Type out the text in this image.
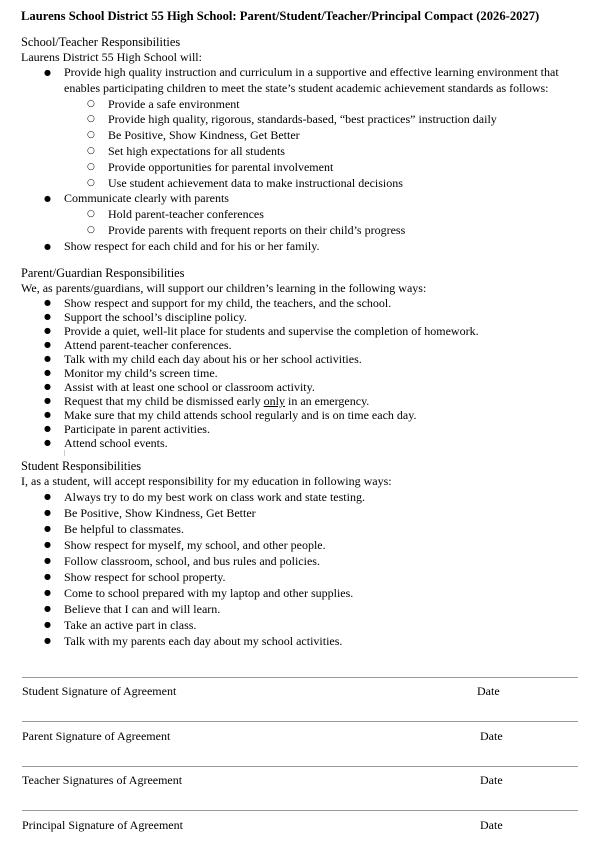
Laurens School District 55 High School: Parent/Student/Teacher/Principal Compact (2026-2027)
School/Teacher Responsibilities
Laurens District 55 High School will:
● Provide high quality instruction and curriculum in a supportive and effective learning environment that enables participating children to meet the state’s student academic achievement standards as follows:
○ Provide a safe environment
○ Provide high quality, rigorous, standards-based, “best practices” instruction daily
○ Be Positive, Show Kindness, Get Better
○ Set high expectations for all students
○ Provide opportunities for parental involvement
○ Use student achievement data to make instructional decisions
● Communicate clearly with parents
○ Hold parent-teacher conferences
○ Provide parents with frequent reports on their child’s progress
● Show respect for each child and for his or her family.
Parent/Guardian Responsibilities
We, as parents/guardians, will support our children’s learning in the following ways:
● Show respect and support for my child, the teachers, and the school.
● Support the school’s discipline policy.
● Provide a quiet, well-lit place for students and supervise the completion of homework.
● Attend parent-teacher conferences.
● Talk with my child each day about his or her school activities.
● Monitor my child’s screen time.
● Assist with at least one school or classroom activity.
● Request that my child be dismissed early only in an emergency.
● Make sure that my child attends school regularly and is on time each day.
● Participate in parent activities.
● Attend school events.
Student Responsibilities
I, as a student, will accept responsibility for my education in following ways:
● Always try to do my best work on class work and state testing.
● Be Positive, Show Kindness, Get Better
● Be helpful to classmates.
● Show respect for myself, my school, and other people.
● Follow classroom, school, and bus rules and policies.
● Show respect for school property.
● Come to school prepared with my laptop and other supplies.
● Believe that I can and will learn.
● Take an active part in class.
● Talk with my parents each day about my school activities.
Student Signature of Agreement	Date
Parent Signature of Agreement	Date
Teacher Signatures of Agreement	Date
Principal Signature of Agreement	Date
